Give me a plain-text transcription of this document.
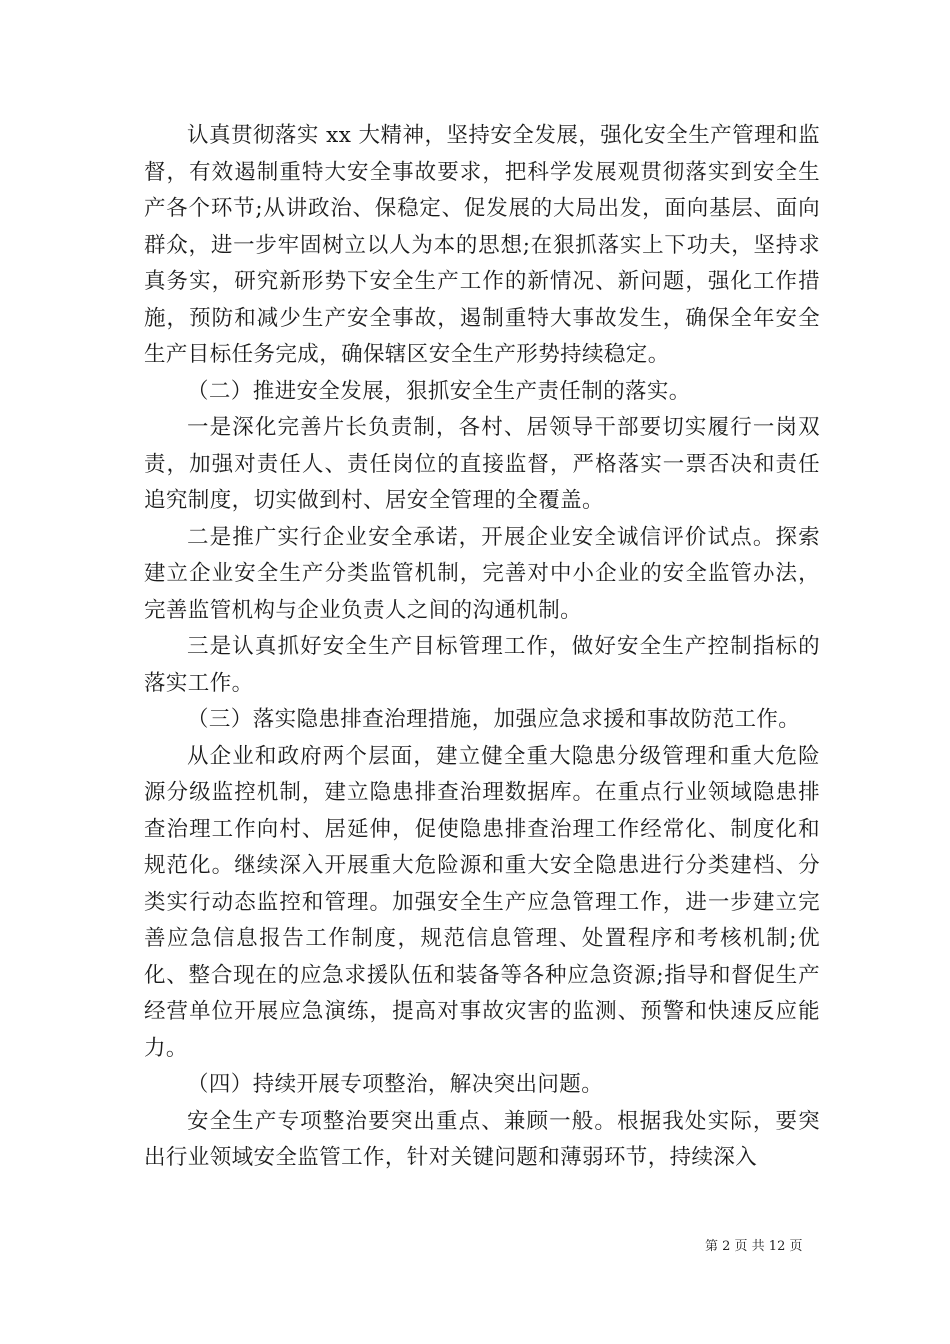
认真贯彻落实 xx 大精神，坚持安全发展，强化安全生产管理和监督，有效遏制重特大安全事故要求，把科学发展观贯彻落实到安全生产各个环节;从讲政治、保稳定、促发展的大局出发，面向基层、面向群众，进一步牢固树立以人为本的思想;在狠抓落实上下功夫，坚持求真务实，研究新形势下安全生产工作的新情况、新问题，强化工作措施，预防和减少生产安全事故，遏制重特大事故发生，确保全年安全生产目标任务完成，确保辖区安全生产形势持续稳定。

（二）推进安全发展，狠抓安全生产责任制的落实。

一是深化完善片长负责制，各村、居领导干部要切实履行一岗双责，加强对责任人、责任岗位的直接监督，严格落实一票否决和责任追究制度，切实做到村、居安全管理的全覆盖。

二是推广实行企业安全承诺，开展企业安全诚信评价试点。探索建立企业安全生产分类监管机制，完善对中小企业的安全监管办法，完善监管机构与企业负责人之间的沟通机制。

三是认真抓好安全生产目标管理工作，做好安全生产控制指标的落实工作。

（三）落实隐患排查治理措施，加强应急求援和事故防范工作。

从企业和政府两个层面，建立健全重大隐患分级管理和重大危险源分级监控机制，建立隐患排查治理数据库。在重点行业领域隐患排查治理工作向村、居延伸，促使隐患排查治理工作经常化、制度化和规范化。继续深入开展重大危险源和重大安全隐患进行分类建档、分类实行动态监控和管理。加强安全生产应急管理工作，进一步建立完善应急信息报告工作制度，规范信息管理、处置程序和考核机制;优化、整合现在的应急求援队伍和装备等各种应急资源;指导和督促生产经营单位开展应急演练，提高对事故灾害的监测、预警和快速反应能力。

（四）持续开展专项整治，解决突出问题。

安全生产专项整治要突出重点、兼顾一般。根据我处实际，要突出行业领域安全监管工作，针对关键问题和薄弱环节，持续深入

第 2 页 共 12 页
